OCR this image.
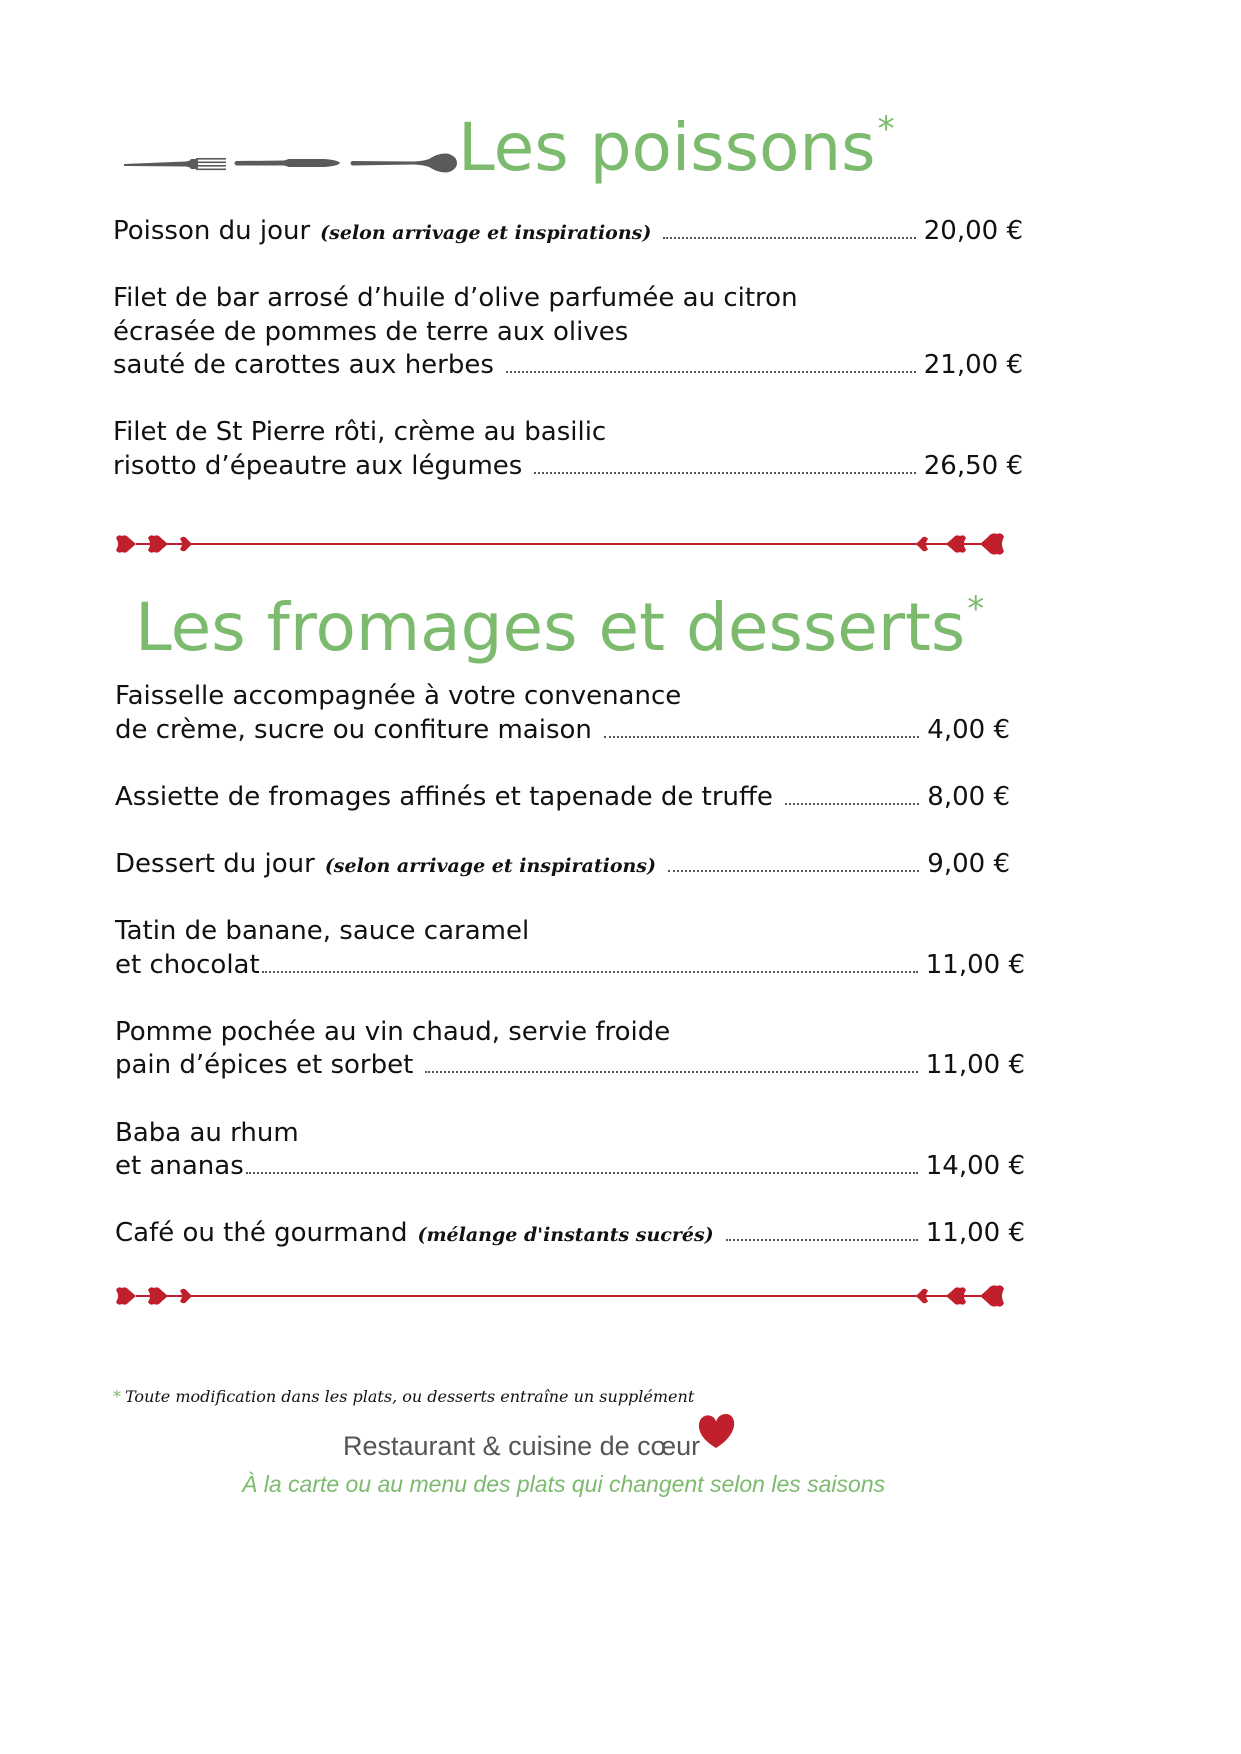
Les poissons*
Poisson du jour (selon arrivage et inspirations)	20,00 €
Filet de bar arrosé d’huile d’olive parfumée au citron
écrasée de pommes de terre aux olives
sauté de carottes aux herbes	21,00 €
Filet de St Pierre rôti, crème au basilic
risotto d’épeautre aux légumes	26,50 €
Les fromages et desserts*
Faisselle accompagnée à votre convenance
de crème, sucre ou confiture maison	4,00 €
Assiette de fromages affinés et tapenade de truffe	8,00 €
Dessert du jour (selon arrivage et inspirations)	9,00 €
Tatin de banane, sauce caramel
et chocolat	11,00 €
Pomme pochée au vin chaud, servie froide
pain d’épices et sorbet	11,00 €
Baba au rhum
et ananas	14,00 €
Café ou thé gourmand (mélange d'instants sucrés)	11,00 €
* Toute modification dans les plats, ou desserts entraîne un supplément
Restaurant & cuisine de cœur
À la carte ou au menu des plats qui changent selon les saisons
